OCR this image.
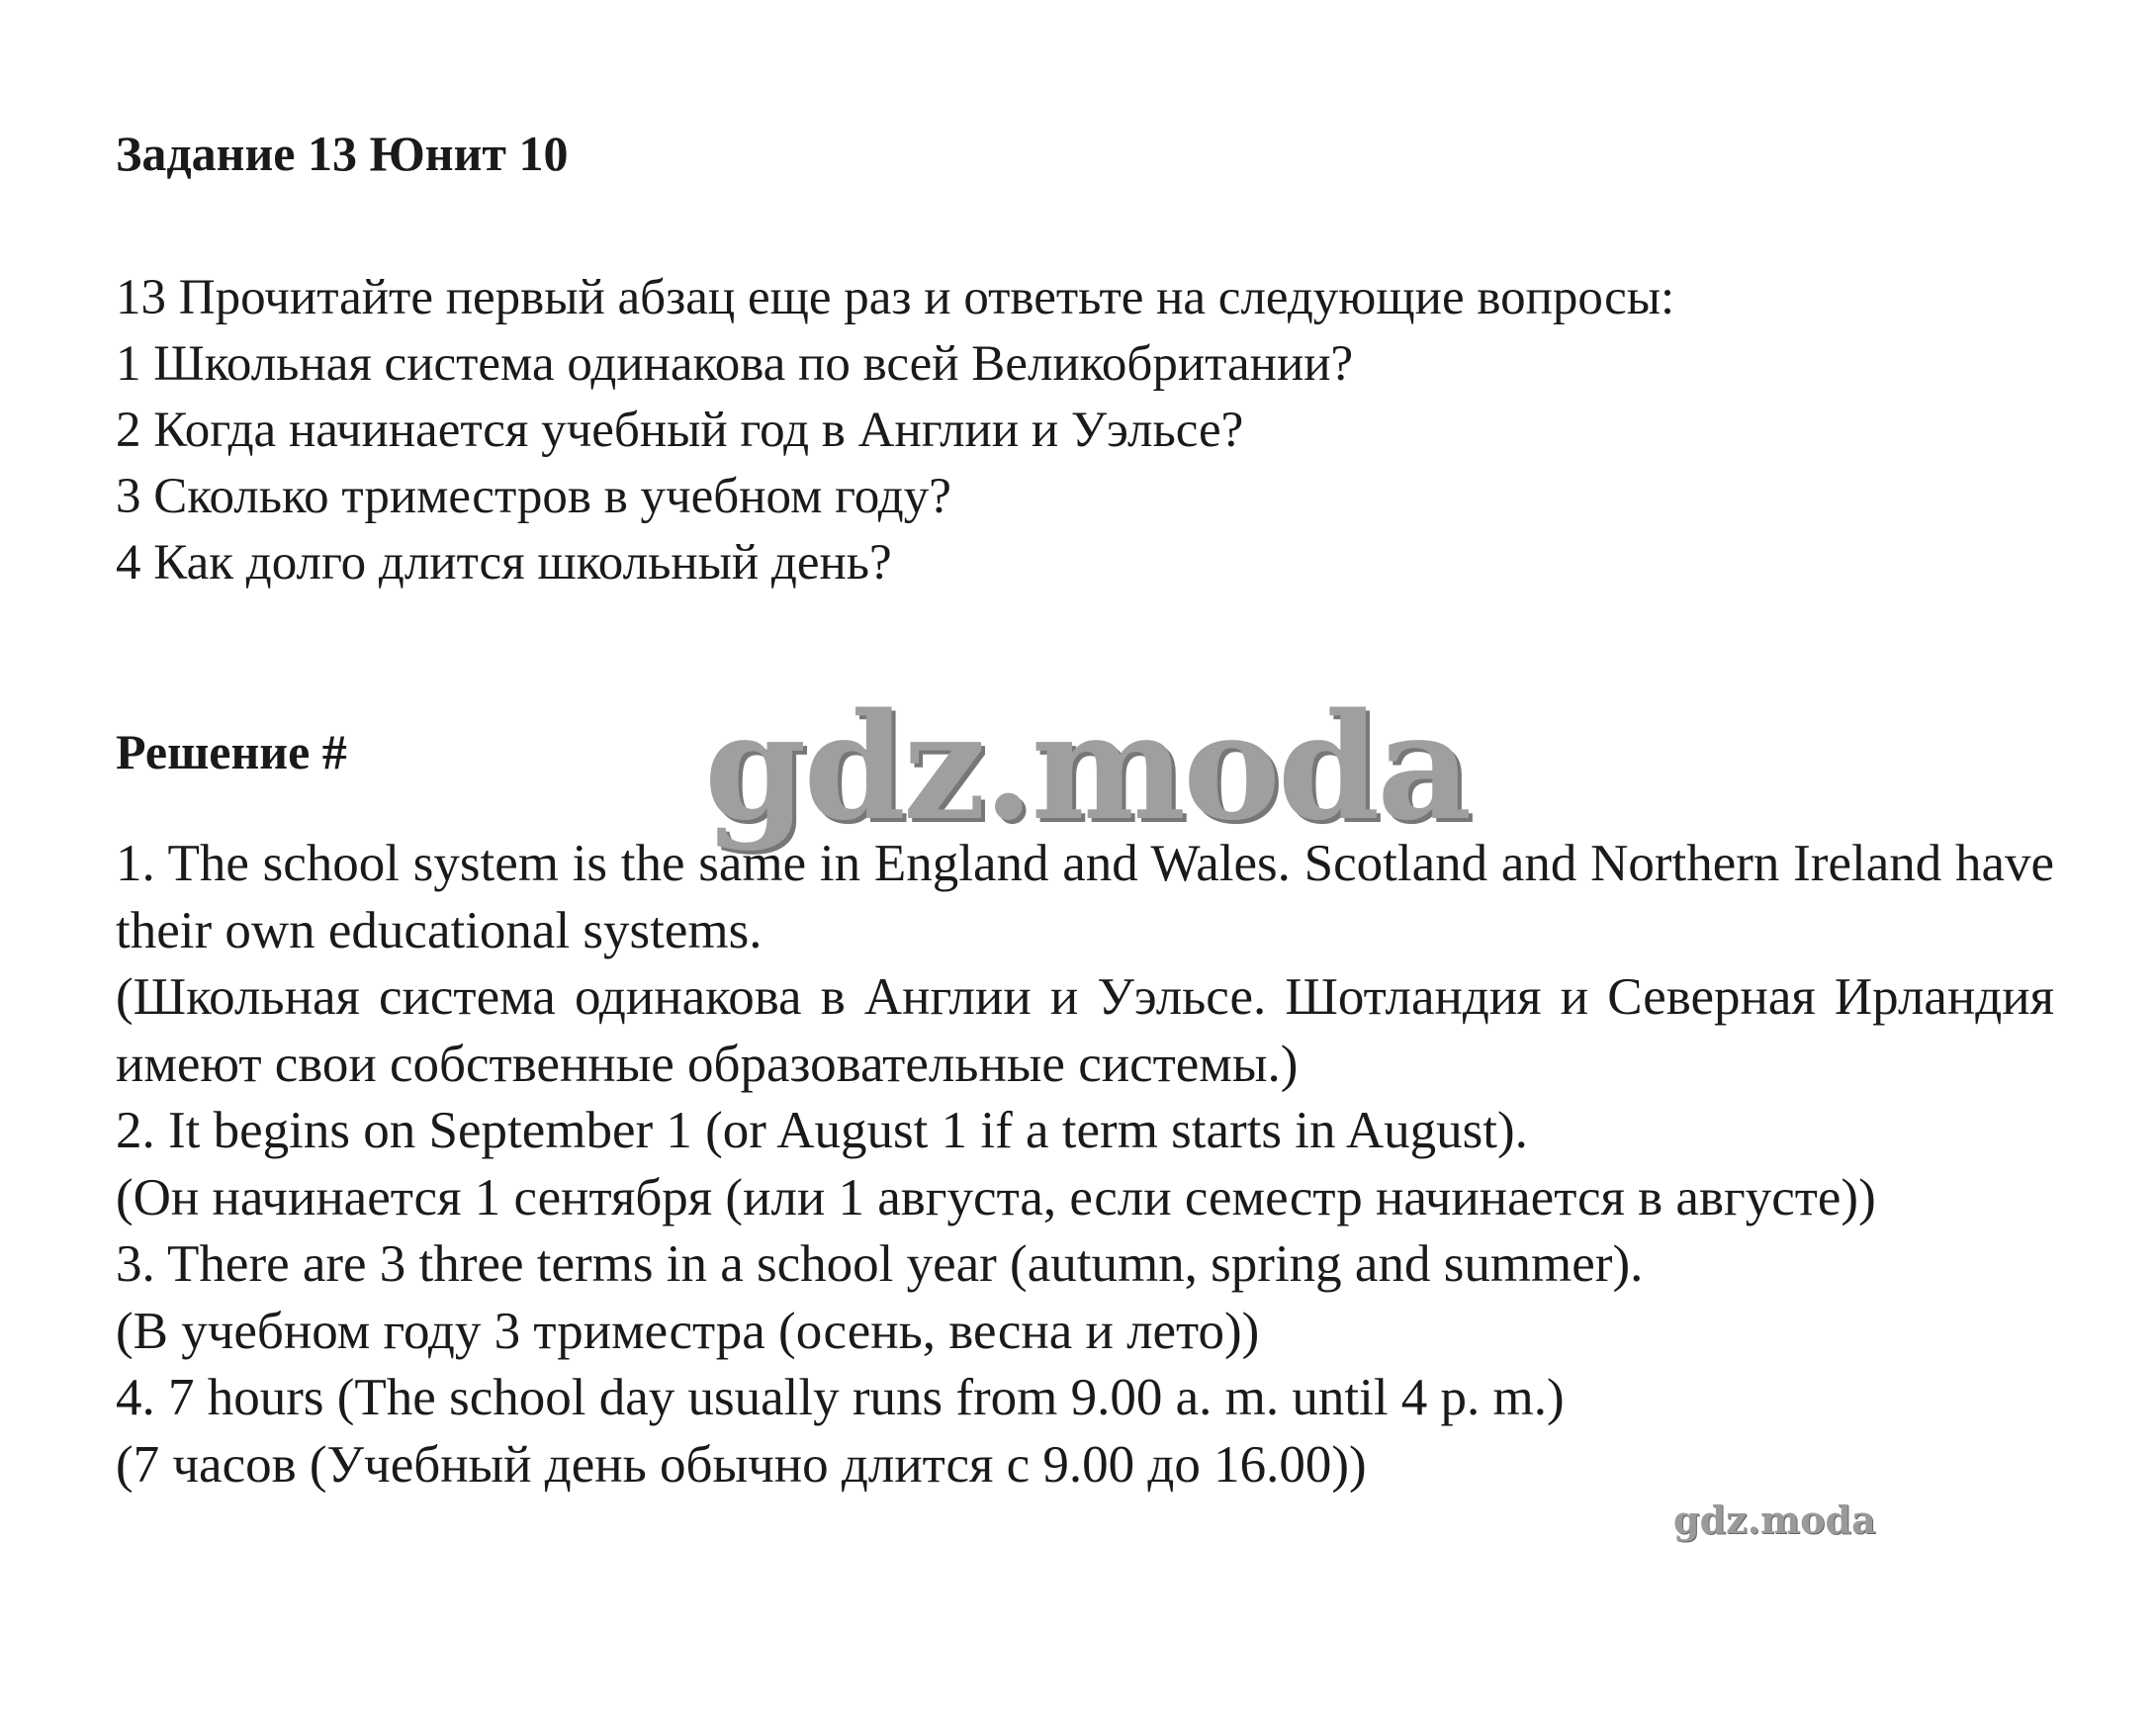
Задание 13 Юнит 10
13 Прочитайте первый абзац еще раз и ответьте на следующие вопросы:
1 Школьная система одинакова по всей Великобритании?
2 Когда начинается учебный год в Англии и Уэльсе?
3 Сколько триместров в учебном году?
4 Как долго длится школьный день?
Решение # gdz.moda

1. The school system is the same in England and Wales. Scotland and Northern Ireland have their own educational systems.

(Школьная система одинакова в Англии и Уэльсе. Шотландия и Северная Ирландия имеют свои собственные образовательные системы.)

2. It begins on September 1 (or August 1 if a term starts in August).

(Он начинается 1 сентября (или 1 августа, если семестр начинается в августе))

3. There are 3 three terms in a school year (autumn, spring and summer).

(В учебном году 3 триместра (осень, весна и лето))

4. 7 hours (The school day usually runs from 9.00 a. m. until 4 p. m.)

(7 часов (Учебный день обычно длится с 9.00 до 16.00))

gdz.moda
